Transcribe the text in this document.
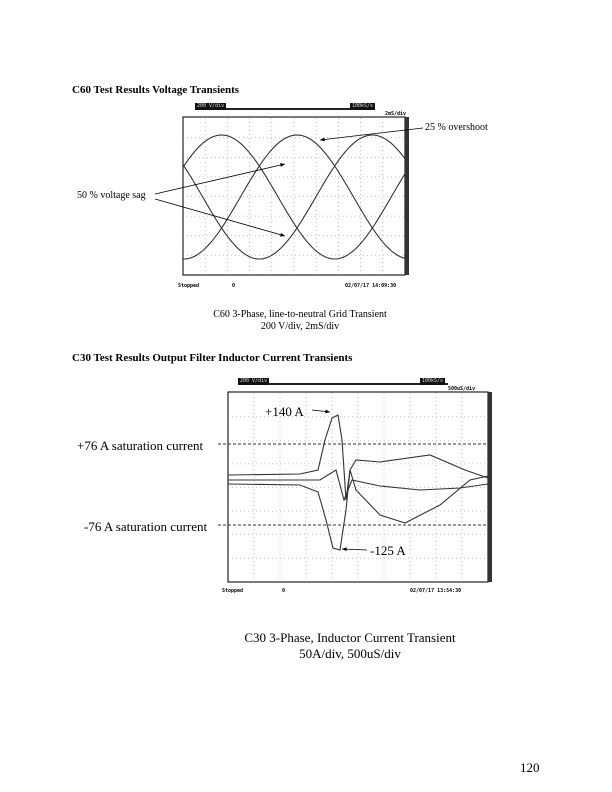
C60 Test Results Voltage Transients
200 V/div	100kS/s
2mS/div
Stopped	0	02/07/17 14:09:30
25 % overshoot
50 % voltage sag
C60 3-Phase, line-to-neutral Grid Transient
200 V/div, 2mS/div
C30 Test Results Output Filter Inductor Current Transients
200 V/div	100kS/s
500uS/div
Stopped	0	02/07/17 13:54:30
+140 A
+76 A saturation current
-76 A saturation current
-125 A
C30 3-Phase, Inductor Current Transient
50A/div, 500uS/div
120
